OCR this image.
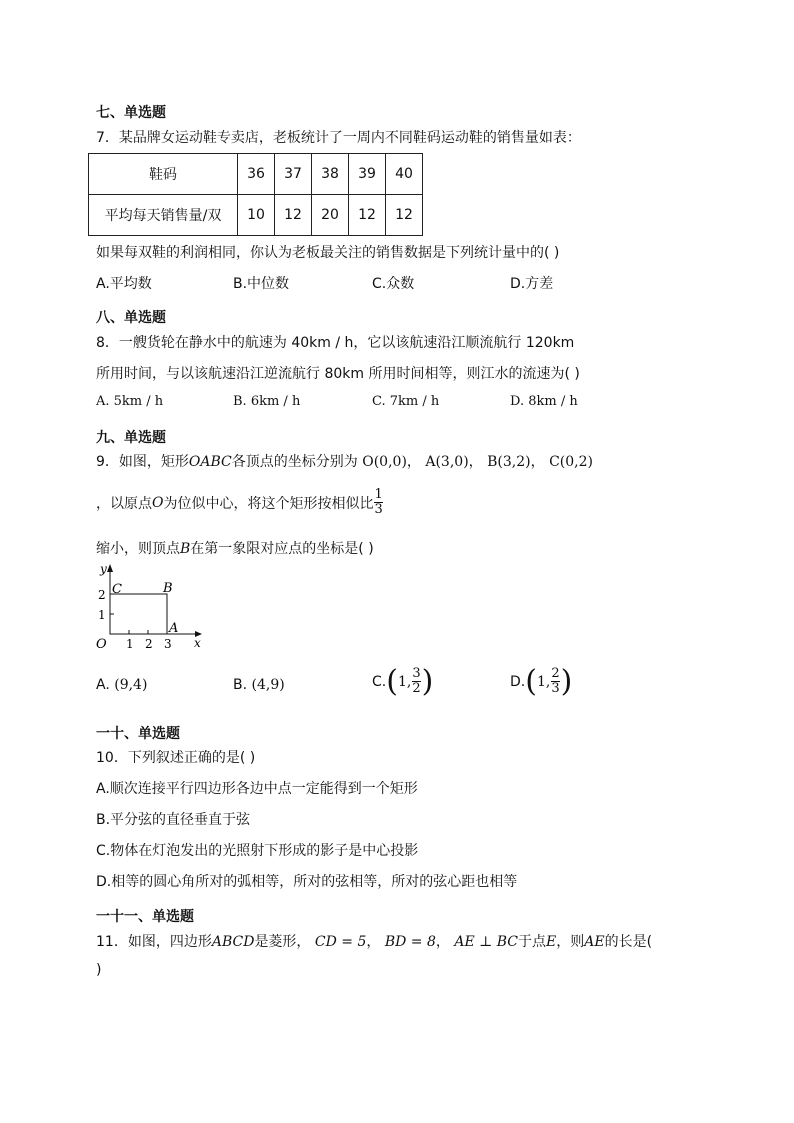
七、单选题
7．某品牌女运动鞋专卖店，老板统计了一周内不同鞋码运动鞋的销售量如表：
鞋码	36	37	38	39	40
平均每天销售量/双	10	12	20	12	12
如果每双鞋的利润相同，你认为老板最关注的销售数据是下列统计量中的( )
A.平均数	B.中位数	C.众数	D.方差
八、单选题
8．一艘货轮在静水中的航速为 40km / h，它以该航速沿江顺流航行 120km
所用时间，与以该航速沿江逆流航行 80km 所用时间相等，则江水的流速为( )
A. 5km / h	B. 6km / h	C. 7km / h	D. 8km / h
九、单选题
9．如图，矩形OABC各顶点的坐标分别为 O(0,0)， A(3,0)， B(3,2)， C(0,2)
，以原点 O 为位似中心，将这个矩形按相似比 $\frac{1}{3}$
缩小，则顶点B在第一象限对应点的坐标是( )
y
x
C	B
A
O
2
1
1 2 3
A. (9,4)	B. (4,9)	C. ( 1, $\frac{3}{2}$ )	D. ( 1, $\frac{2}{3}$ )
一十、单选题
10．下列叙述正确的是( )
A.顺次连接平行四边形各边中点一定能得到一个矩形
B.平分弦的直径垂直于弦
C.物体在灯泡发出的光照射下形成的影子是中心投影
D.相等的圆心角所对的弧相等，所对的弦相等，所对的弦心距也相等
一十一、单选题
11．如图，四边形ABCD是菱形， CD = 5， BD = 8， AE ⊥ BC于点E，则AE的长是(
)
